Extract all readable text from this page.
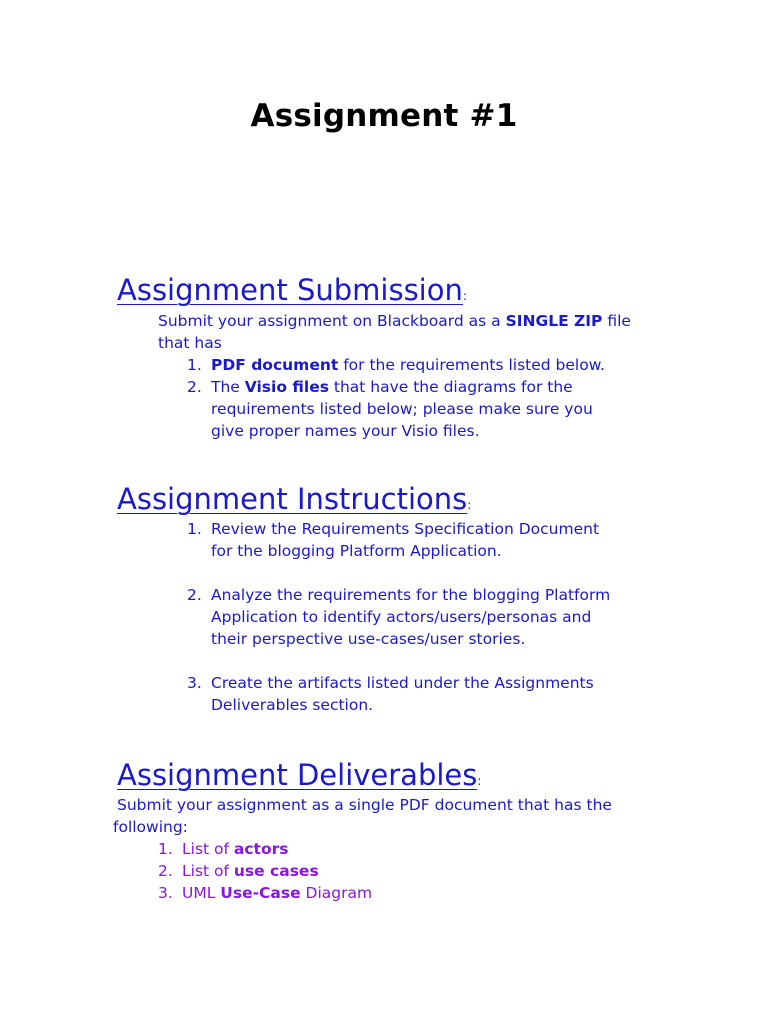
Assignment #1
Assignment Submission:
Submit your assignment on Blackboard as a SINGLE ZIP file
that has
1. PDF document for the requirements listed below.
2. The Visio files that have the diagrams for the
requirements listed below; please make sure you
give proper names your Visio files.
Assignment Instructions:
1. Review the Requirements Specification Document
for the blogging Platform Application.
2. Analyze the requirements for the blogging Platform
Application to identify actors/users/personas and
their perspective use-cases/user stories.
3. Create the artifacts listed under the Assignments
Deliverables section.
Assignment Deliverables:
Submit your assignment as a single PDF document that has the
following:
1. List of actors
2. List of use cases
3. UML Use-Case Diagram
